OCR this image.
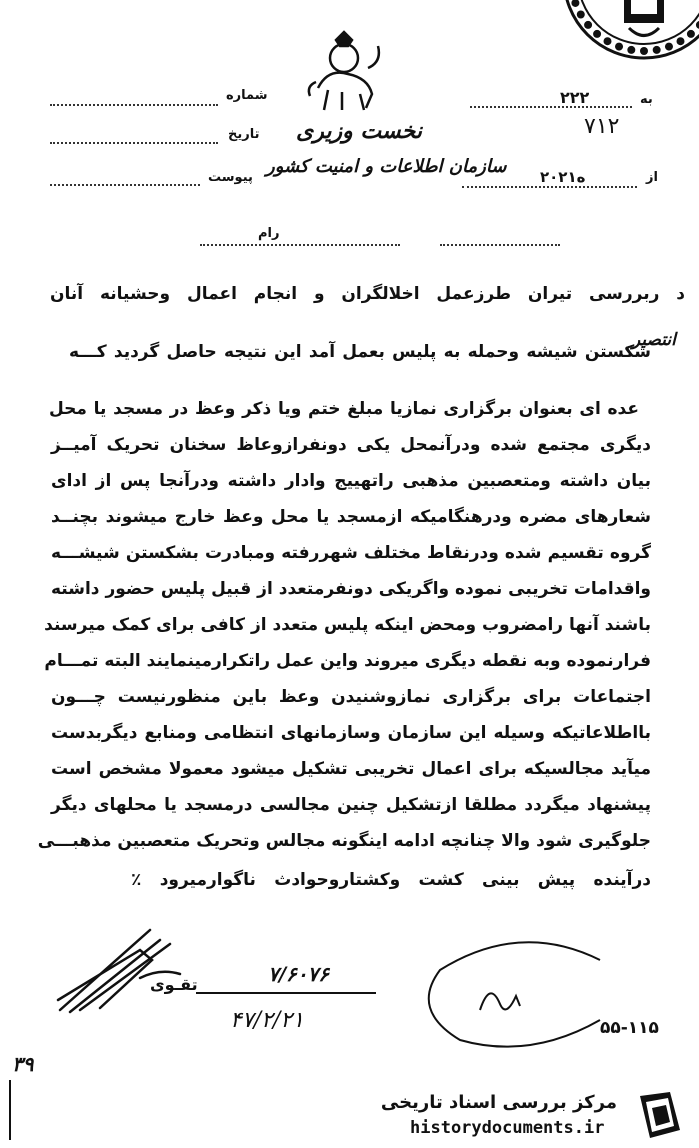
شماره
تاریخ
پیوست
نخست وزیری
سازمان اطلاعات و امنیت کشور
به
۲۲۲
۷۱۲
از
۲۰۲۱ه
رام
انتصیر
د ربررسی تیران طرزعمل اخلالگران و انجام اعمال وحشیانه آنان
شکستن شیشه وحمله به پلیس بعمل آمد این نتیجه حاصل گردید کـــه
عده ای بعنوان برگزاری نمازیا مبلغ ختم ویا ذکر وعظ در مسجد یا محل
دیگری مجتمع شده ودرآنمحل یکی دونفرازوعاظ سخنان تحریک آمیــز
بیان داشته ومتعصبین مذهبی راتهییج وادار داشته ودرآنجا پس از ادای
شعارهای مضره ودرهنگامیکه ازمسجد یا محل وعظ خارج میشوند بچنــد
گروه تقسیم شده ودرنقاط مختلف شهررفته ومبادرت بشکستن شیشـــه
واقدامات تخریبی نموده واگریکی دونفرمتعدد از قبیل پلیس حضور داشته
باشند آنها رامضروب ومحض اینکه پلیس متعدد از کافی برای کمک میرسند
فرارنموده وبه نقطه دیگری میروند واین عمل راتکرارمینمایند البته تمـــام
اجتماعات برای برگزاری نمازوشنیدن وعظ باین منظورنیست چـــون
بااطلاعاتیکه وسیله این سازمان وسازمانهای انتظامی ومنابع دیگربدست
میآید مجالسیکه برای اعمال تخریبی تشکیل میشود معمولا مشخص است
پیشنهاد میگردد مطلقا ازتشکیل چنین مجالسی درمسجد یا محلهای دیگر
جلوگیری شود والا چنانچه ادامه اینگونه مجالس وتحریک متعصبین مذهبـــی
درآینده پیش بینی کشت وکشتاروحوادث ناگوارمیرود ٪
۷/۶۰۷۶
تقـوی
۴۷/۲/۲۱	۵۵-۱۱۵
۳۹
مرکز بررسی اسناد تاریخی
historydocuments.ir
